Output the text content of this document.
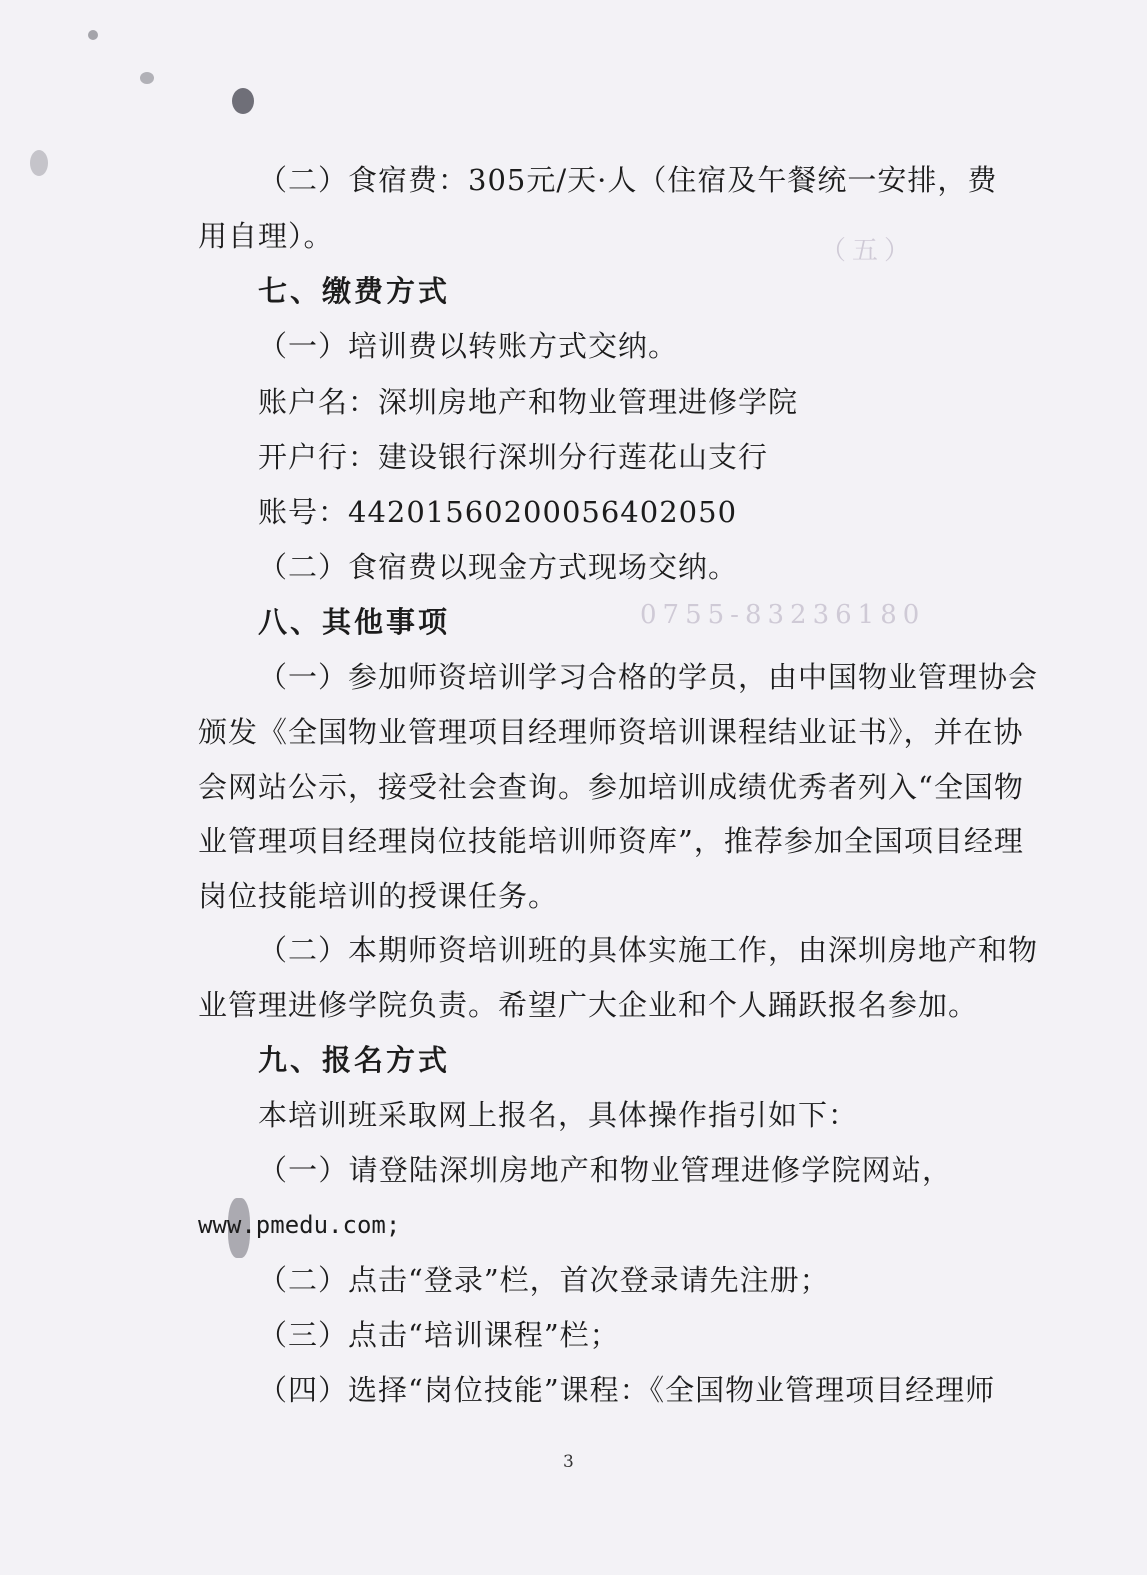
（五）
0755-83236180
（二）食宿费：305元/天·人（住宿及午餐统一安排，费
用自理）。
七、缴费方式
（一）培训费以转账方式交纳。
账户名：深圳房地产和物业管理进修学院
开户行：建设银行深圳分行莲花山支行
账号：44201560200056402050
（二）食宿费以现金方式现场交纳。
八、其他事项
（一）参加师资培训学习合格的学员，由中国物业管理协会
颁发《全国物业管理项目经理师资培训课程结业证书》，并在协
会网站公示，接受社会查询。参加培训成绩优秀者列入“全国物
业管理项目经理岗位技能培训师资库”，推荐参加全国项目经理
岗位技能培训的授课任务。
（二）本期师资培训班的具体实施工作，由深圳房地产和物
业管理进修学院负责。希望广大企业和个人踊跃报名参加。
九、报名方式
本培训班采取网上报名，具体操作指引如下：
（一）请登陆深圳房地产和物业管理进修学院网站，
www.pmedu.com;
（二）点击“登录”栏，首次登录请先注册；
（三）点击“培训课程”栏；
（四）选择“岗位技能”课程：《全国物业管理项目经理师
3
